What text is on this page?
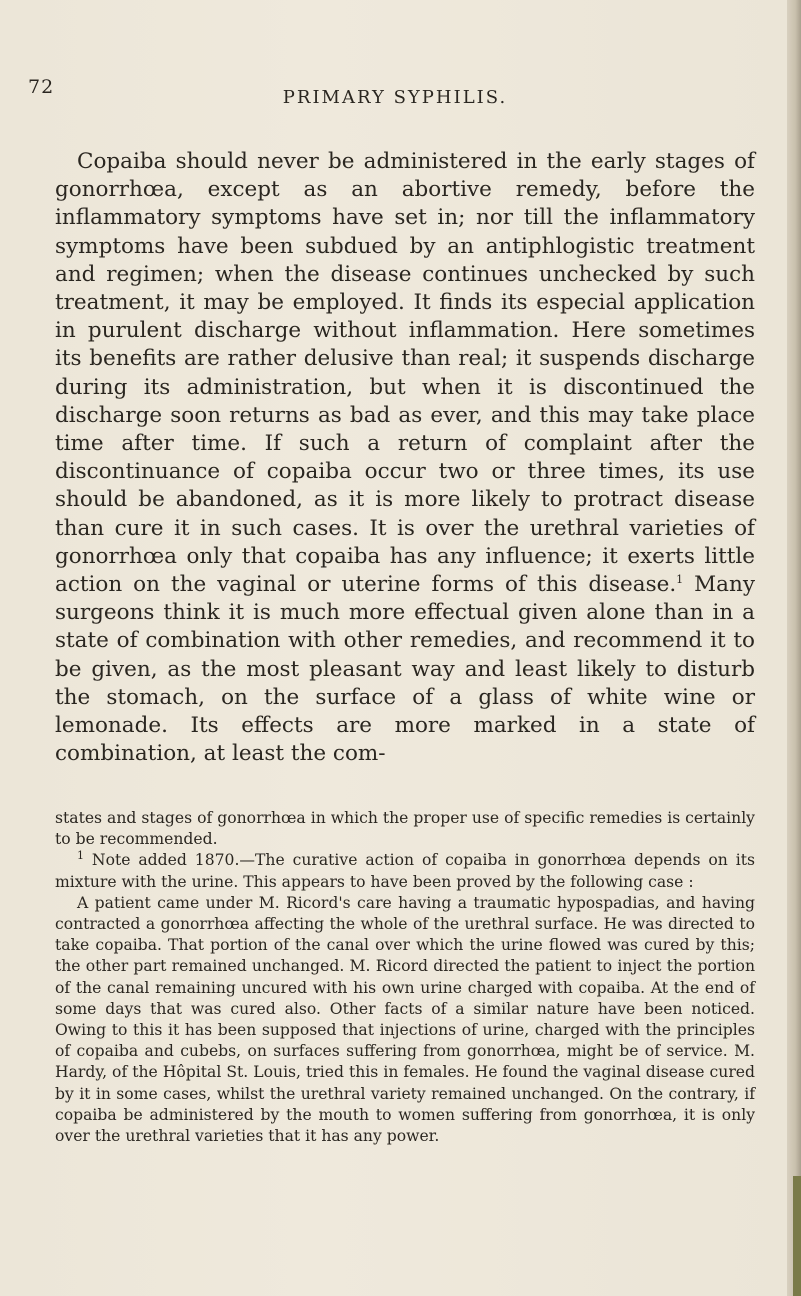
72	PRIMARY SYPHILIS.

Copaiba should never be administered in the early stages of gonorrhœa, except as an abortive remedy, before the inflammatory symptoms have set in; nor till the inflammatory symptoms have been subdued by an antiphlogistic treatment and regimen; when the disease continues unchecked by such treatment, it may be employed. It finds its especial application in purulent discharge without inflammation. Here sometimes its benefits are rather delusive than real; it suspends discharge during its administration, but when it is discontinued the discharge soon returns as bad as ever, and this may take place time after time. If such a return of complaint after the discontinuance of copaiba occur two or three times, its use should be abandoned, as it is more likely to protract disease than cure it in such cases. It is over the urethral varieties of gonorrhœa only that copaiba has any influence; it exerts little action on the vaginal or uterine forms of this disease.$^1$ Many surgeons think it is much more effectual given alone than in a state of combination with other remedies, and recommend it to be given, as the most pleasant way and least likely to disturb the stomach, on the surface of a glass of white wine or lemonade. Its effects are more marked in a state of combination, at least the com-

states and stages of gonorrhœa in which the proper use of specific remedies is certainly to be recommended.

$^1$ Note added 1870.—The curative action of copaiba in gonorrhœa depends on its mixture with the urine. This appears to have been proved by the following case :

A patient came under M. Ricord's care having a traumatic hypospadias, and having contracted a gonorrhœa affecting the whole of the urethral surface. He was directed to take copaiba. That portion of the canal over which the urine flowed was cured by this; the other part remained unchanged. M. Ricord directed the patient to inject the portion of the canal remaining uncured with his own urine charged with copaiba. At the end of some days that was cured also. Other facts of a similar nature have been noticed. Owing to this it has been supposed that injections of urine, charged with the principles of copaiba and cubebs, on surfaces suffering from gonorrhœa, might be of service. M. Hardy, of the Hôpital St. Louis, tried this in females. He found the vaginal disease cured by it in some cases, whilst the urethral variety remained unchanged. On the contrary, if copaiba be administered by the mouth to women suffering from gonorrhœa, it is only over the urethral varieties that it has any power.
